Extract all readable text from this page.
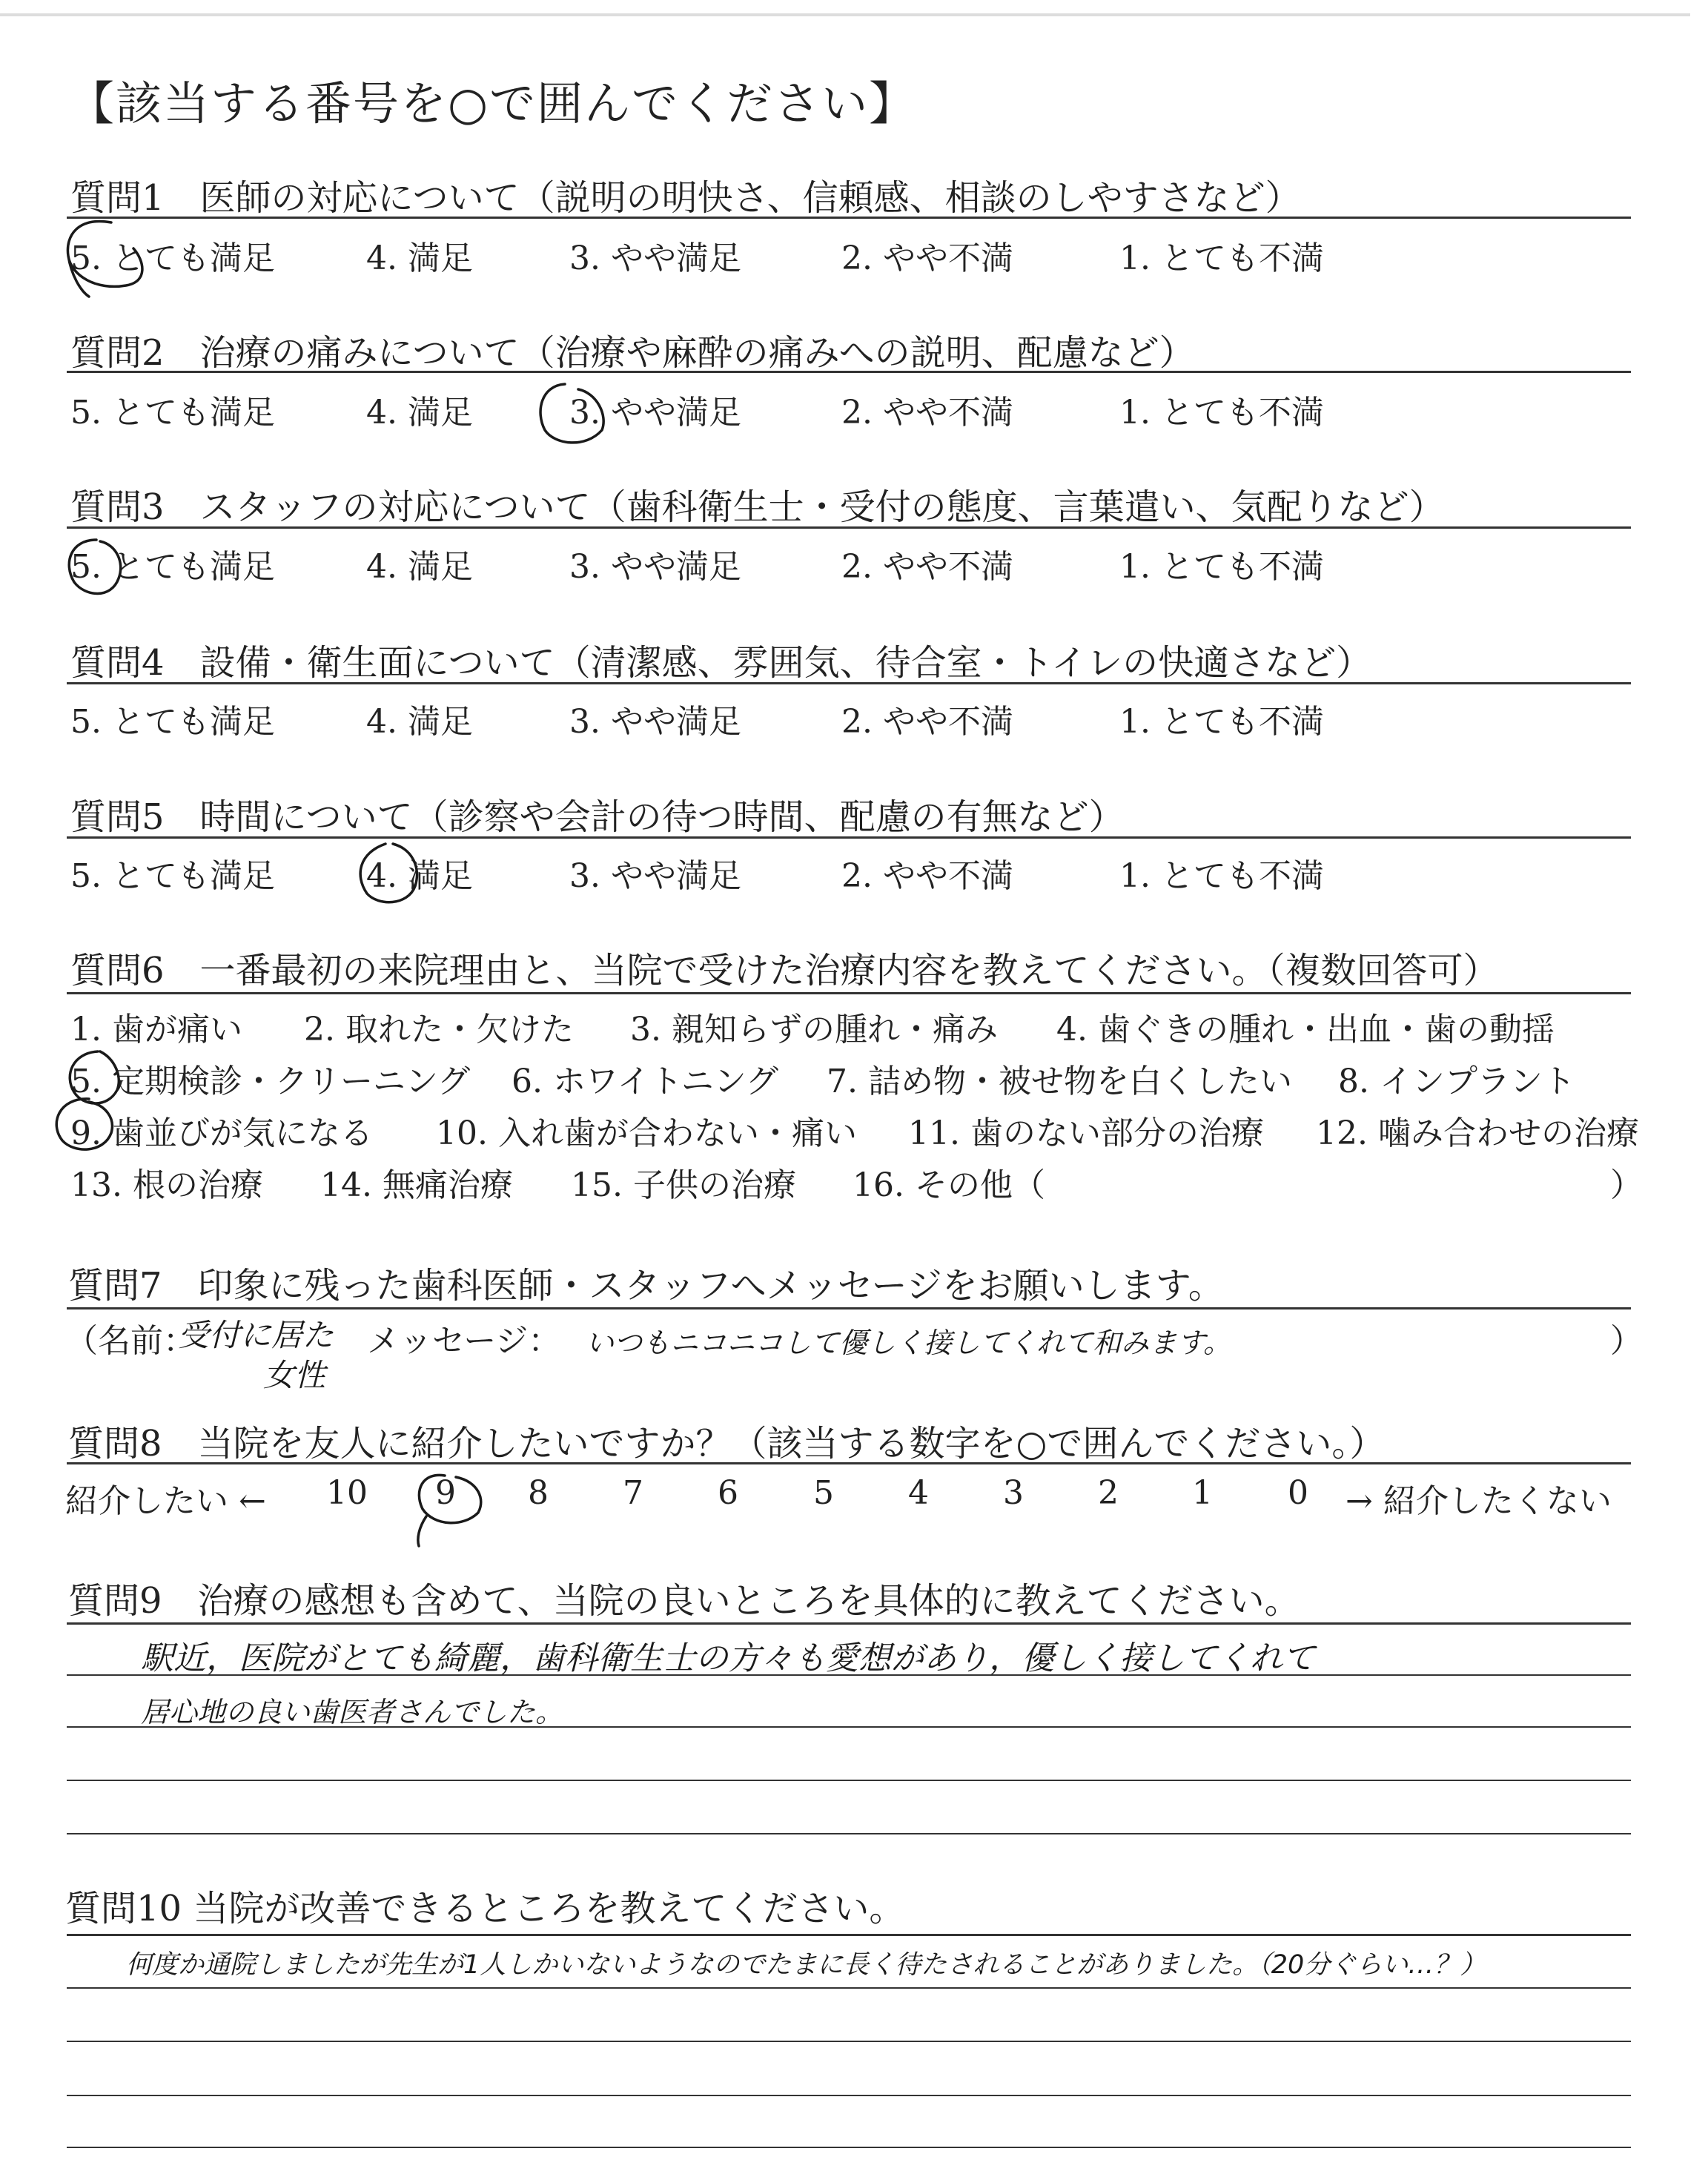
【該当する番号を○で囲んでください】
質問1　医師の対応について（説明の明快さ、信頼感、相談のしやすさなど）
5. とても満足	4. 満足	3. やや満足	2. やや不満	1. とても不満
質問2　治療の痛みについて（治療や麻酔の痛みへの説明、配慮など）
5. とても満足	4. 満足	3. やや満足	2. やや不満	1. とても不満
質問3　スタッフの対応について（歯科衛生士・受付の態度、言葉遣い、気配りなど）
5. とても満足	4. 満足	3. やや満足	2. やや不満	1. とても不満
質問4　設備・衛生面について（清潔感、雰囲気、待合室・トイレの快適さなど）
5. とても満足	4. 満足	3. やや満足	2. やや不満	1. とても不満
質問5　時間について（診察や会計の待つ時間、配慮の有無など）
5. とても満足	4. 満足	3. やや満足	2. やや不満	1. とても不満
質問6　一番最初の来院理由と、当院で受けた治療内容を教えてください。（複数回答可）
1. 歯が痛い 2. 取れた・欠けた 3. 親知らずの腫れ・痛み 4. 歯ぐきの腫れ・出血・歯の動揺
5. 定期検診・クリーニング 6. ホワイトニング 7. 詰め物・被せ物を白くしたい 8. インプラント
9. 歯並びが気になる 10. 入れ歯が合わない・痛い 11. 歯のない部分の治療 12. 噛み合わせの治療
13. 根の治療 14. 無痛治療 15. 子供の治療 16. その他（	）
質問7　印象に残った歯科医師・スタッフへメッセージをお願いします。
（名前：
受付に居た
女性
メッセージ： いつもニコニコして優しく接してくれて和みます。	）
質問8　当院を友人に紹介したいですか？（該当する数字を○で囲んでください。）
紹介したい ← 10 9 8 7 6 5 4 3 2 1 0 → 紹介したくない
質問9　治療の感想も含めて、当院の良いところを具体的に教えてください。
駅近，医院がとても綺麗，歯科衛生士の方々も愛想があり，優しく接してくれて
居心地の良い歯医者さんでした。
質問10 当院が改善できるところを教えてください。
何度か通院しましたが先生が1人しかいないようなのでたまに長く待たされることがありました。（20分ぐらい…？）
